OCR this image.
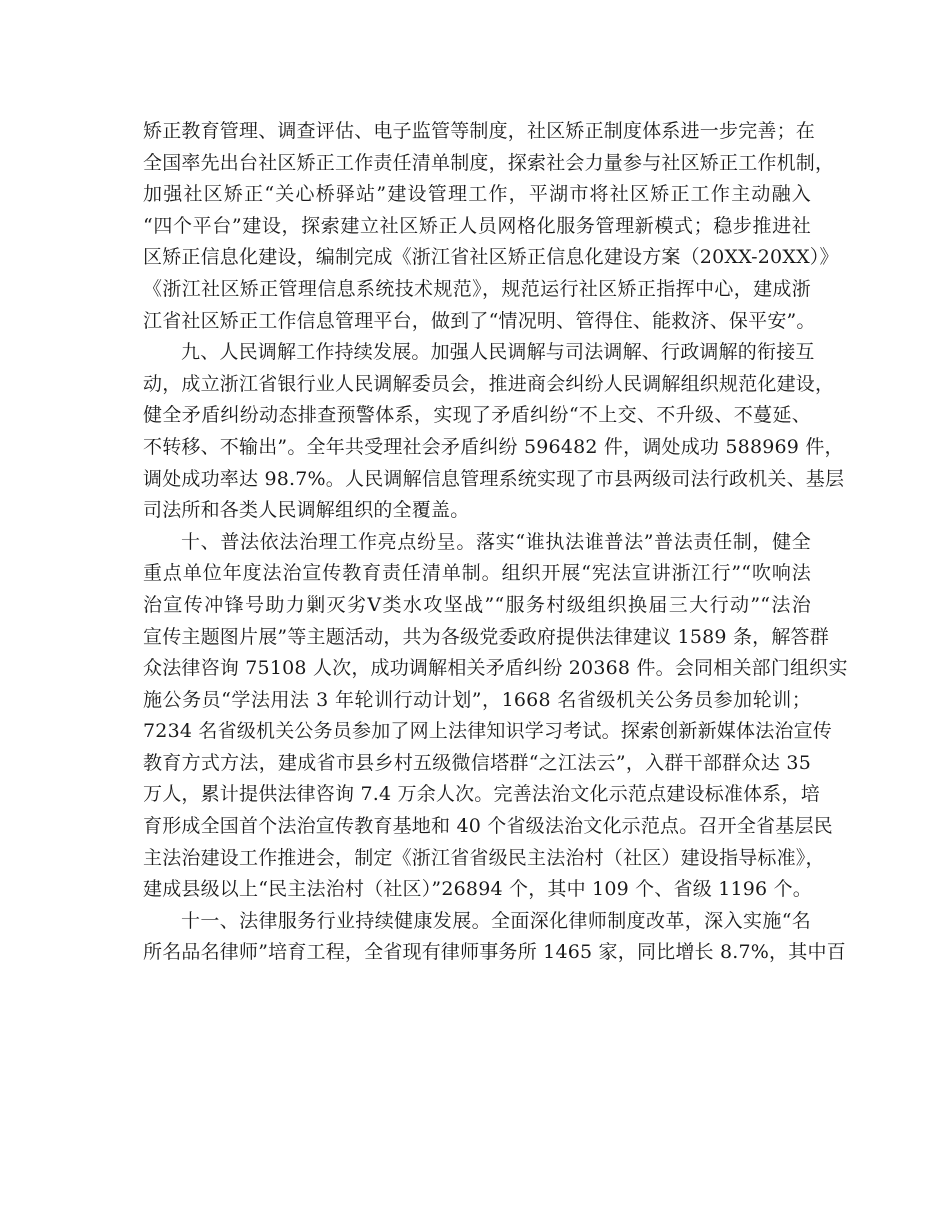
矫正教育管理、调查评估、电子监管等制度，社区矫正制度体系进一步完善；在
全国率先出台社区矫正工作责任清单制度，探索社会力量参与社区矫正工作机制，
加强社区矫正“关心桥驿站”建设管理工作，平湖市将社区矫正工作主动融入
“四个平台”建设，探索建立社区矫正人员网格化服务管理新模式；稳步推进社
区矫正信息化建设，编制完成《浙江省社区矫正信息化建设方案（20XX-20XX）》
《浙江社区矫正管理信息系统技术规范》，规范运行社区矫正指挥中心，建成浙
江省社区矫正工作信息管理平台，做到了“情况明、管得住、能救济、保平安”。

九、人民调解工作持续发展。加强人民调解与司法调解、行政调解的衔接互
动，成立浙江省银行业人民调解委员会，推进商会纠纷人民调解组织规范化建设，
健全矛盾纠纷动态排查预警体系，实现了矛盾纠纷“不上交、不升级、不蔓延、
不转移、不输出”。全年共受理社会矛盾纠纷 596482 件，调处成功 588969 件，
调处成功率达 98.7%。人民调解信息管理系统实现了市县两级司法行政机关、基层
司法所和各类人民调解组织的全覆盖。

十、普法依法治理工作亮点纷呈。落实“谁执法谁普法”普法责任制，健全
重点单位年度法治宣传教育责任清单制。组织开展“宪法宣讲浙江行”“吹响法
治宣传冲锋号助力剿灭劣Ⅴ类水攻坚战”“服务村级组织换届三大行动”“法治
宣传主题图片展”等主题活动，共为各级党委政府提供法律建议 1589 条，解答群
众法律咨询 75108 人次，成功调解相关矛盾纠纷 20368 件。会同相关部门组织实
施公务员“学法用法 3 年轮训行动计划”，1668 名省级机关公务员参加轮训；
7234 名省级机关公务员参加了网上法律知识学习考试。探索创新新媒体法治宣传
教育方式方法，建成省市县乡村五级微信塔群“之江法云”，入群干部群众达 35
万人，累计提供法律咨询 7.4 万余人次。完善法治文化示范点建设标准体系，培
育形成全国首个法治宣传教育基地和 40 个省级法治文化示范点。召开全省基层民
主法治建设工作推进会，制定《浙江省省级民主法治村（社区）建设指导标准》，
建成县级以上“民主法治村（社区）”26894 个，其中 109 个、省级 1196 个。

十一、法律服务行业持续健康发展。全面深化律师制度改革，深入实施“名
所名品名律师”培育工程，全省现有律师事务所 1465 家，同比增长 8.7%，其中百
